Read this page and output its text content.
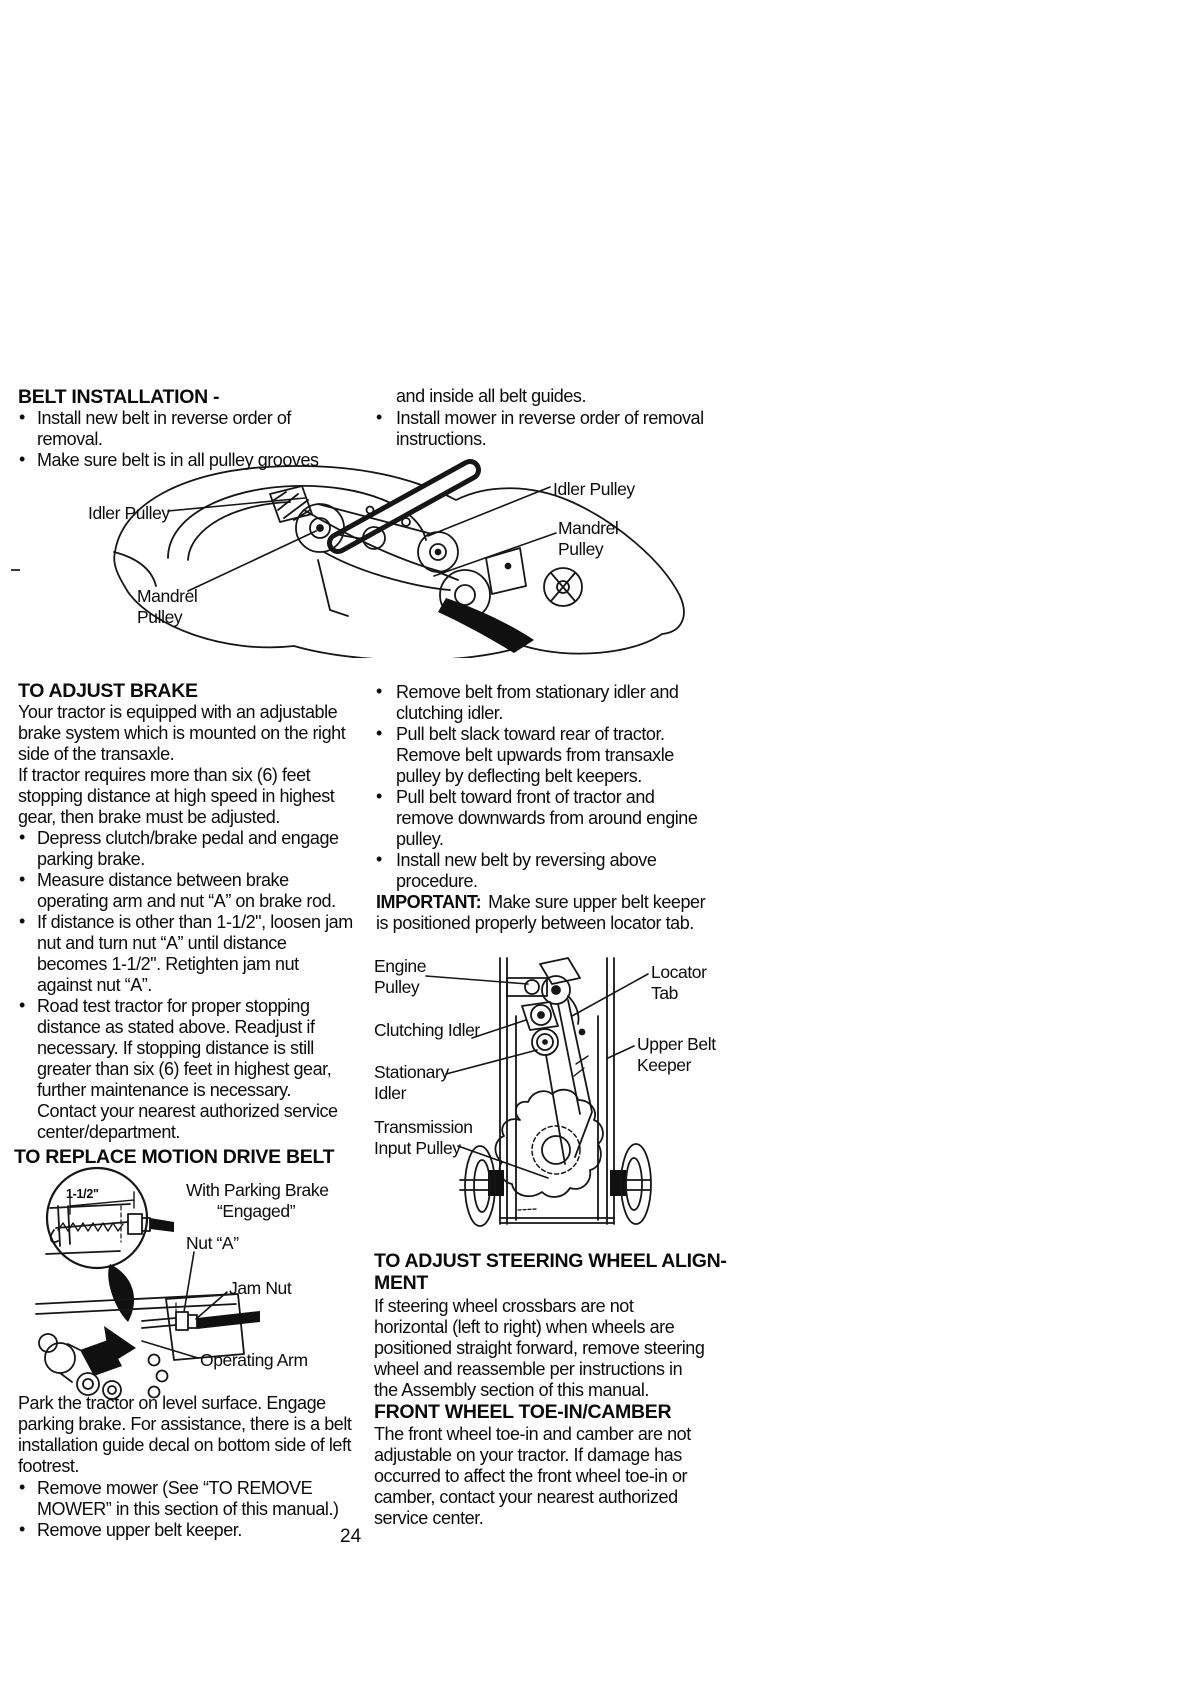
BELT INSTALLATION -
• Install new belt in reverse order of removal.
• Make sure belt is in all pulley grooves
and inside all belt guides.
• Install mower in reverse order of removal instructions.
Idler Pulley
Mandrel
Pulley
Idler Pulley
Mandrel
Pulley
TO ADJUST BRAKE
Your tractor is equipped with an adjustable brake system which is mounted on the right side of the transaxle.
If tractor requires more than six (6) feet stopping distance at high speed in highest gear, then brake must be adjusted.
• Depress clutch/brake pedal and engage parking brake.
• Measure distance between brake operating arm and nut “A” on brake rod.
• If distance is other than 1-1/2", loosen jam nut and turn nut “A” until distance becomes 1-1/2". Retighten jam nut against nut “A”.
• Road test tractor for proper stopping distance as stated above. Readjust if necessary. If stopping distance is still greater than six (6) feet in highest gear, further maintenance is necessary. Contact your nearest authorized service center/department.
TO REPLACE MOTION DRIVE BELT
1-1/2"	With Parking Brake
“Engaged”
Nut “A”
Jam Nut
Operating Arm
Park the tractor on level surface. Engage parking brake. For assistance, there is a belt installation guide decal on bottom side of left footrest.
• Remove mower (See “TO REMOVE MOWER” in this section of this manual.)
• Remove upper belt keeper.	24
• Remove belt from stationary idler and clutching idler.
• Pull belt slack toward rear of tractor. Remove belt upwards from transaxle pulley by deflecting belt keepers.
• Pull belt toward front of tractor and remove downwards from around engine pulley.
• Install new belt by reversing above procedure.
IMPORTANT: Make sure upper belt keeper is positioned properly between locator tab.
Engine
Pulley
Locator
Tab
Clutching Idler
Upper Belt
Keeper
Stationary
Idler
Transmission
Input Pulley
TO ADJUST STEERING WHEEL ALIGN-
MENT
If steering wheel crossbars are not horizontal (left to right) when wheels are positioned straight forward, remove steering wheel and reassemble per instructions in the Assembly section of this manual.
FRONT WHEEL TOE-IN/CAMBER
The front wheel toe-in and camber are not adjustable on your tractor. If damage has occurred to affect the front wheel toe-in or camber, contact your nearest authorized service center.
